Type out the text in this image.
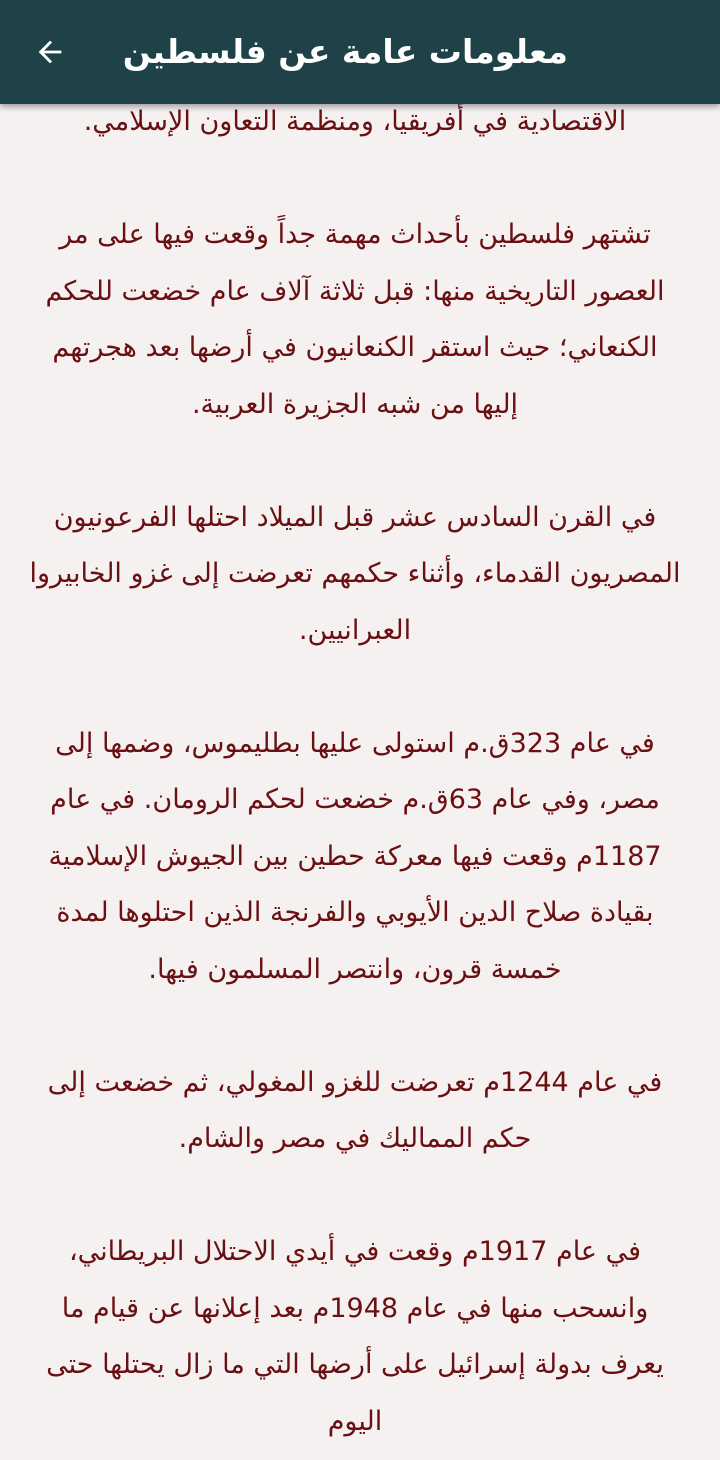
معلومات عامة عن فلسطين

الاقتصادية في أفريقيا، ومنظمة التعاون الإسلامي.

تشتهر فلسطين بأحداث مهمة جداً وقعت فيها على مر العصور التاريخية منها: قبل ثلاثة آلاف عام خضعت للحكم الكنعاني؛ حيث استقر الكنعانيون في أرضها بعد هجرتهم إليها من شبه الجزيرة العربية.

في القرن السادس عشر قبل الميلاد احتلها الفرعونيون المصريون القدماء، وأثناء حكمهم تعرضت إلى غزو الخابيروا العبرانيين.

في عام 323ق.م استولى عليها بطليموس، وضمها إلى مصر، وفي عام 63ق.م خضعت لحكم الرومان. في عام 1187م وقعت فيها معركة حطين بين الجيوش الإسلامية بقيادة صلاح الدين الأيوبي والفرنجة الذين احتلوها لمدة خمسة قرون، وانتصر المسلمون فيها.

في عام 1244م تعرضت للغزو المغولي، ثم خضعت إلى حكم المماليك في مصر والشام.

في عام 1917م وقعت في أيدي الاحتلال البريطاني، وانسحب منها في عام 1948م بعد إعلانها عن قيام ما يعرف بدولة إسرائيل على أرضها التي ما زال يحتلها حتى اليوم
